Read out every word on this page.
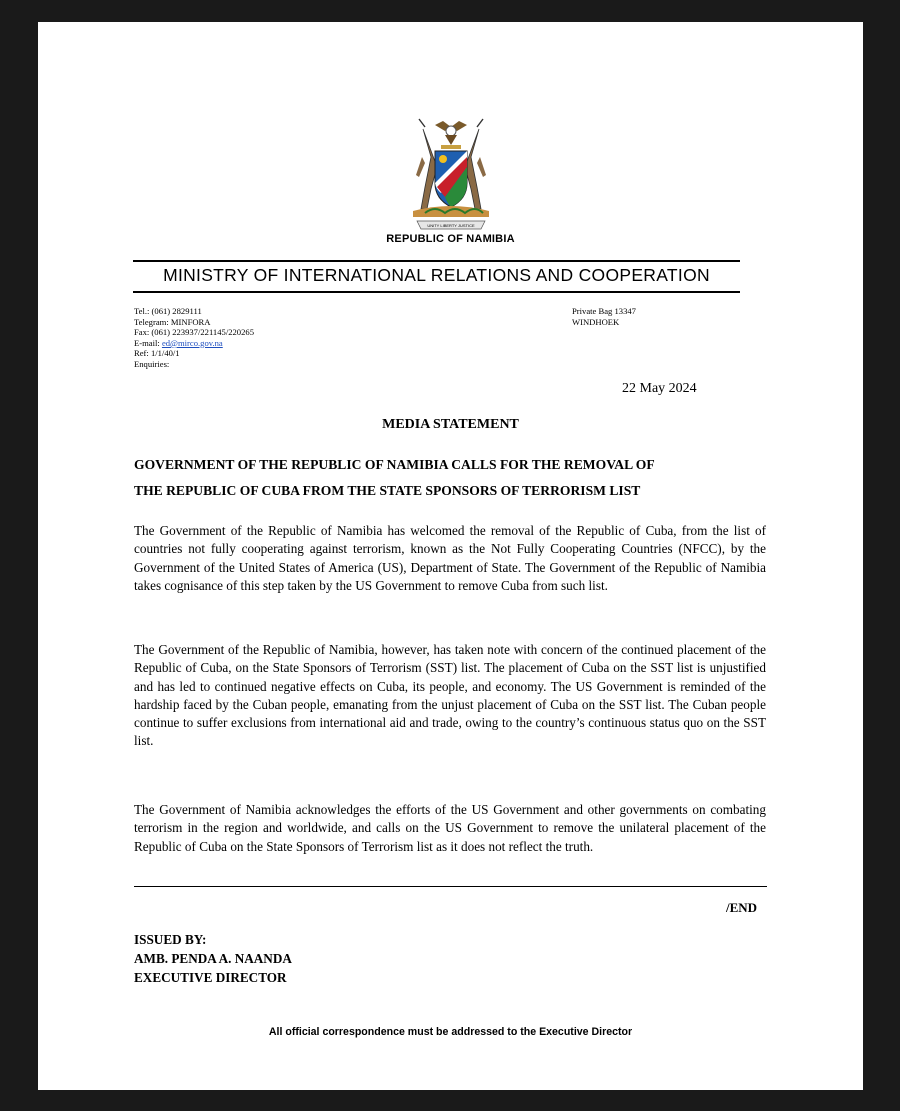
UNITY LIBERTY JUSTICE
REPUBLIC OF NAMIBIA
MINISTRY OF INTERNATIONAL RELATIONS AND COOPERATION
Tel.: (061) 2829111
Telegram: MINFORA
Fax: (061) 223937/221145/220265
E-mail: ed@mirco.gov.na
Ref: 1/1/40/1
Enquiries:
Private Bag 13347
WINDHOEK
22 May 2024
MEDIA STATEMENT
GOVERNMENT OF THE REPUBLIC OF NAMIBIA CALLS FOR THE REMOVAL OF
THE REPUBLIC OF CUBA FROM THE STATE SPONSORS OF TERRORISM LIST

The Government of the Republic of Namibia has welcomed the removal of the Republic of Cuba, from the list of countries not fully cooperating against terrorism, known as the Not Fully Cooperating Countries (NFCC), by the Government of the United States of America (US), Department of State. The Government of the Republic of Namibia takes cognisance of this step taken by the US Government to remove Cuba from such list.

The Government of the Republic of Namibia, however, has taken note with concern of the continued placement of the Republic of Cuba, on the State Sponsors of Terrorism (SST) list. The placement of Cuba on the SST list is unjustified and has led to continued negative effects on Cuba, its people, and economy. The US Government is reminded of the hardship faced by the Cuban people, emanating from the unjust placement of Cuba on the SST list. The Cuban people continue to suffer exclusions from international aid and trade, owing to the country’s continuous status quo on the SST list.

The Government of Namibia acknowledges the efforts of the US Government and other governments on combating terrorism in the region and worldwide, and calls on the US Government to remove the unilateral placement of the Republic of Cuba on the State Sponsors of Terrorism list as it does not reflect the truth.

/END
ISSUED BY:
AMB. PENDA A. NAANDA
EXECUTIVE DIRECTOR
All official correspondence must be addressed to the Executive Director
